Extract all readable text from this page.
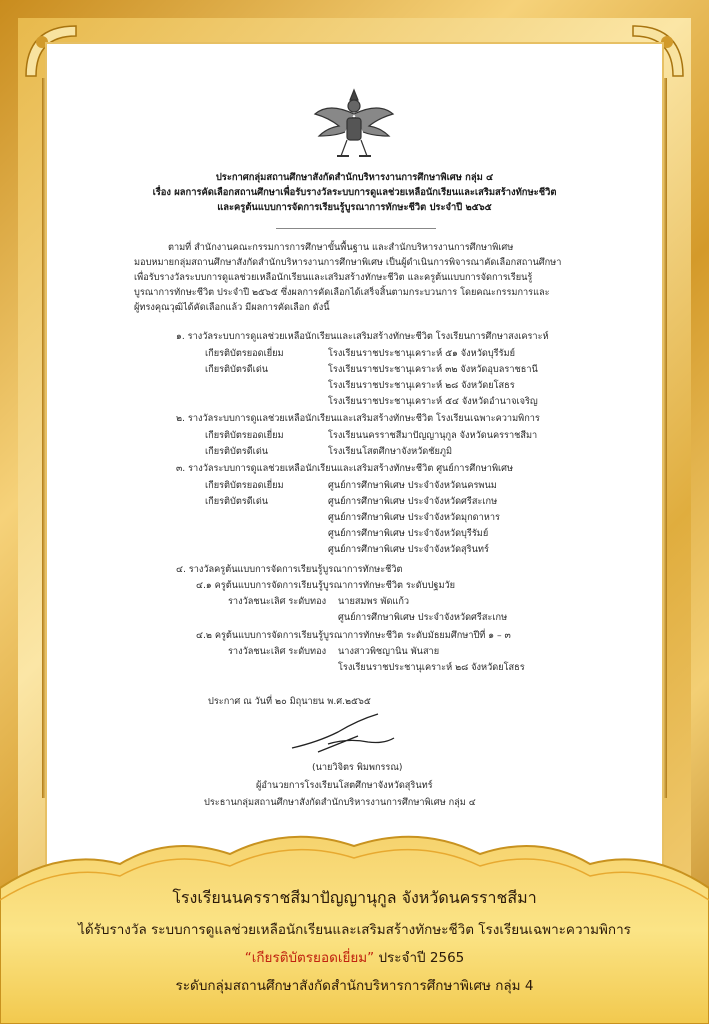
ประกาศกลุ่มสถานศึกษาสังกัดสำนักบริหารงานการศึกษาพิเศษ กลุ่ม ๔
เรื่อง ผลการคัดเลือกสถานศึกษาเพื่อรับรางวัลระบบการดูแลช่วยเหลือนักเรียนและเสริมสร้างทักษะชีวิต
และครูต้นแบบการจัดการเรียนรู้บูรณาการทักษะชีวิต ประจำปี ๒๕๖๕
ตามที่ สำนักงานคณะกรรมการการศึกษาขั้นพื้นฐาน และสำนักบริหารงานการศึกษาพิเศษ
มอบหมายกลุ่มสถานศึกษาสังกัดสำนักบริหารงานการศึกษาพิเศษ เป็นผู้ดำเนินการพิจารณาคัดเลือกสถานศึกษา
เพื่อรับรางวัลระบบการดูแลช่วยเหลือนักเรียนและเสริมสร้างทักษะชีวิต และครูต้นแบบการจัดการเรียนรู้
บูรณาการทักษะชีวิต ประจำปี ๒๕๖๕ ซึ่งผลการคัดเลือกได้เสร็จสิ้นตามกระบวนการ โดยคณะกรรมการและ
ผู้ทรงคุณวุฒิได้คัดเลือกแล้ว มีผลการคัดเลือก ดังนี้
๑. รางวัลระบบการดูแลช่วยเหลือนักเรียนและเสริมสร้างทักษะชีวิต โรงเรียนการศึกษาสงเคราะห์
เกียรติบัตรยอดเยี่ยม	โรงเรียนราชประชานุเคราะห์ ๕๑ จังหวัดบุรีรัมย์
เกียรติบัตรดีเด่น	โรงเรียนราชประชานุเคราะห์ ๓๒ จังหวัดอุบลราชธานี
โรงเรียนราชประชานุเคราะห์ ๒๘ จังหวัดยโสธร
โรงเรียนราชประชานุเคราะห์ ๕๔ จังหวัดอำนาจเจริญ
๒. รางวัลระบบการดูแลช่วยเหลือนักเรียนและเสริมสร้างทักษะชีวิต โรงเรียนเฉพาะความพิการ
เกียรติบัตรยอดเยี่ยม	โรงเรียนนครราชสีมาปัญญานุกูล จังหวัดนครราชสีมา
เกียรติบัตรดีเด่น	โรงเรียนโสตศึกษาจังหวัดชัยภูมิ
๓. รางวัลระบบการดูแลช่วยเหลือนักเรียนและเสริมสร้างทักษะชีวิต ศูนย์การศึกษาพิเศษ
เกียรติบัตรยอดเยี่ยม	ศูนย์การศึกษาพิเศษ ประจำจังหวัดนครพนม
เกียรติบัตรดีเด่น	ศูนย์การศึกษาพิเศษ ประจำจังหวัดศรีสะเกษ
ศูนย์การศึกษาพิเศษ ประจำจังหวัดมุกดาหาร
ศูนย์การศึกษาพิเศษ ประจำจังหวัดบุรีรัมย์
ศูนย์การศึกษาพิเศษ ประจำจังหวัดสุรินทร์
๔. รางวัลครูต้นแบบการจัดการเรียนรู้บูรณาการทักษะชีวิต
๔.๑ ครูต้นแบบการจัดการเรียนรู้บูรณาการทักษะชีวิต ระดับปฐมวัย
รางวัลชนะเลิศ ระดับทอง นายสมพร พัดแก้ว
ศูนย์การศึกษาพิเศษ ประจำจังหวัดศรีสะเกษ
๔.๒ ครูต้นแบบการจัดการเรียนรู้บูรณาการทักษะชีวิต ระดับมัธยมศึกษาปีที่ ๑ – ๓
รางวัลชนะเลิศ ระดับทอง นางสาวพิชญานิน พันสาย
โรงเรียนราชประชานุเคราะห์ ๒๘ จังหวัดยโสธร
ประกาศ ณ วันที่ ๒๐ มิถุนายน พ.ศ.๒๕๖๕
(นายวิจิตร พิมพกรรณ)
ผู้อำนวยการโรงเรียนโสตศึกษาจังหวัดสุรินทร์
ประธานกลุ่มสถานศึกษาสังกัดสำนักบริหารงานการศึกษาพิเศษ กลุ่ม ๔
โรงเรียนนครราชสีมาปัญญานุกูล จังหวัดนครราชสีมา
ได้รับรางวัล ระบบการดูแลช่วยเหลือนักเรียนและเสริมสร้างทักษะชีวิต โรงเรียนเฉพาะความพิการ
“เกียรติบัตรยอดเยี่ยม” ประจำปี 2565
ระดับกลุ่มสถานศึกษาสังกัดสำนักบริหารการศึกษาพิเศษ กลุ่ม 4
